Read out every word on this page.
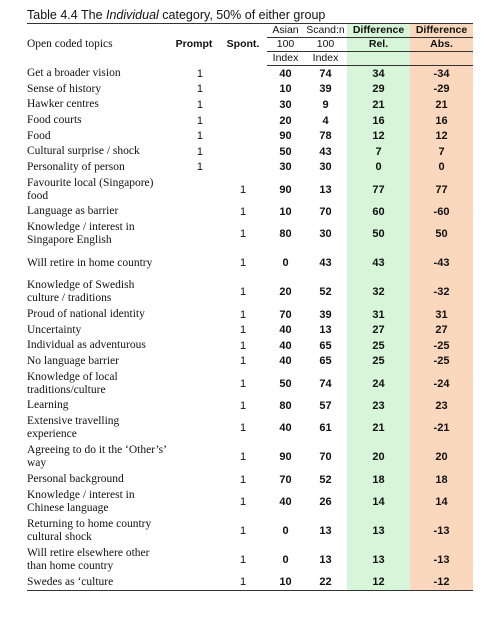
Table 4.4 The Individual category, 50% of either group
Open coded topics	Prompt	Spont.	Asian	Scand:n	Difference	Difference
			100	100	Rel.	Abs.
			Index	Index		
Get a broader vision	1		40	74	34	-34
Sense of history	1		10	39	29	-29
Hawker centres	1		30	9	21	21
Food courts	1		20	4	16	16
Food	1		90	78	12	12
Cultural surprise / shock	1		50	43	7	7
Personality of person	1		30	30	0	0
Favourite local (Singapore) food		1	90	13	77	77
Language as barrier		1	10	70	60	-60
Knowledge / interest in Singapore English		1	80	30	50	50
Will retire in home country		1	0	43	43	-43
Knowledge of Swedish culture / traditions		1	20	52	32	-32
Proud of national identity		1	70	39	31	31
Uncertainty		1	40	13	27	27
Individual as adventurous		1	40	65	25	-25
No language barrier		1	40	65	25	-25
Knowledge of local traditions/culture		1	50	74	24	-24
Learning		1	80	57	23	23
Extensive travelling experience		1	40	61	21	-21
Agreeing to do it the ‘Other’s’ way		1	90	70	20	20
Personal background		1	70	52	18	18
Knowledge / interest in Chinese language		1	40	26	14	14
Returning to home country cultural shock		1	0	13	13	-13
Will retire elsewhere other than home country		1	0	13	13	-13
Swedes as ‘culture		1	10	22	12	-12
